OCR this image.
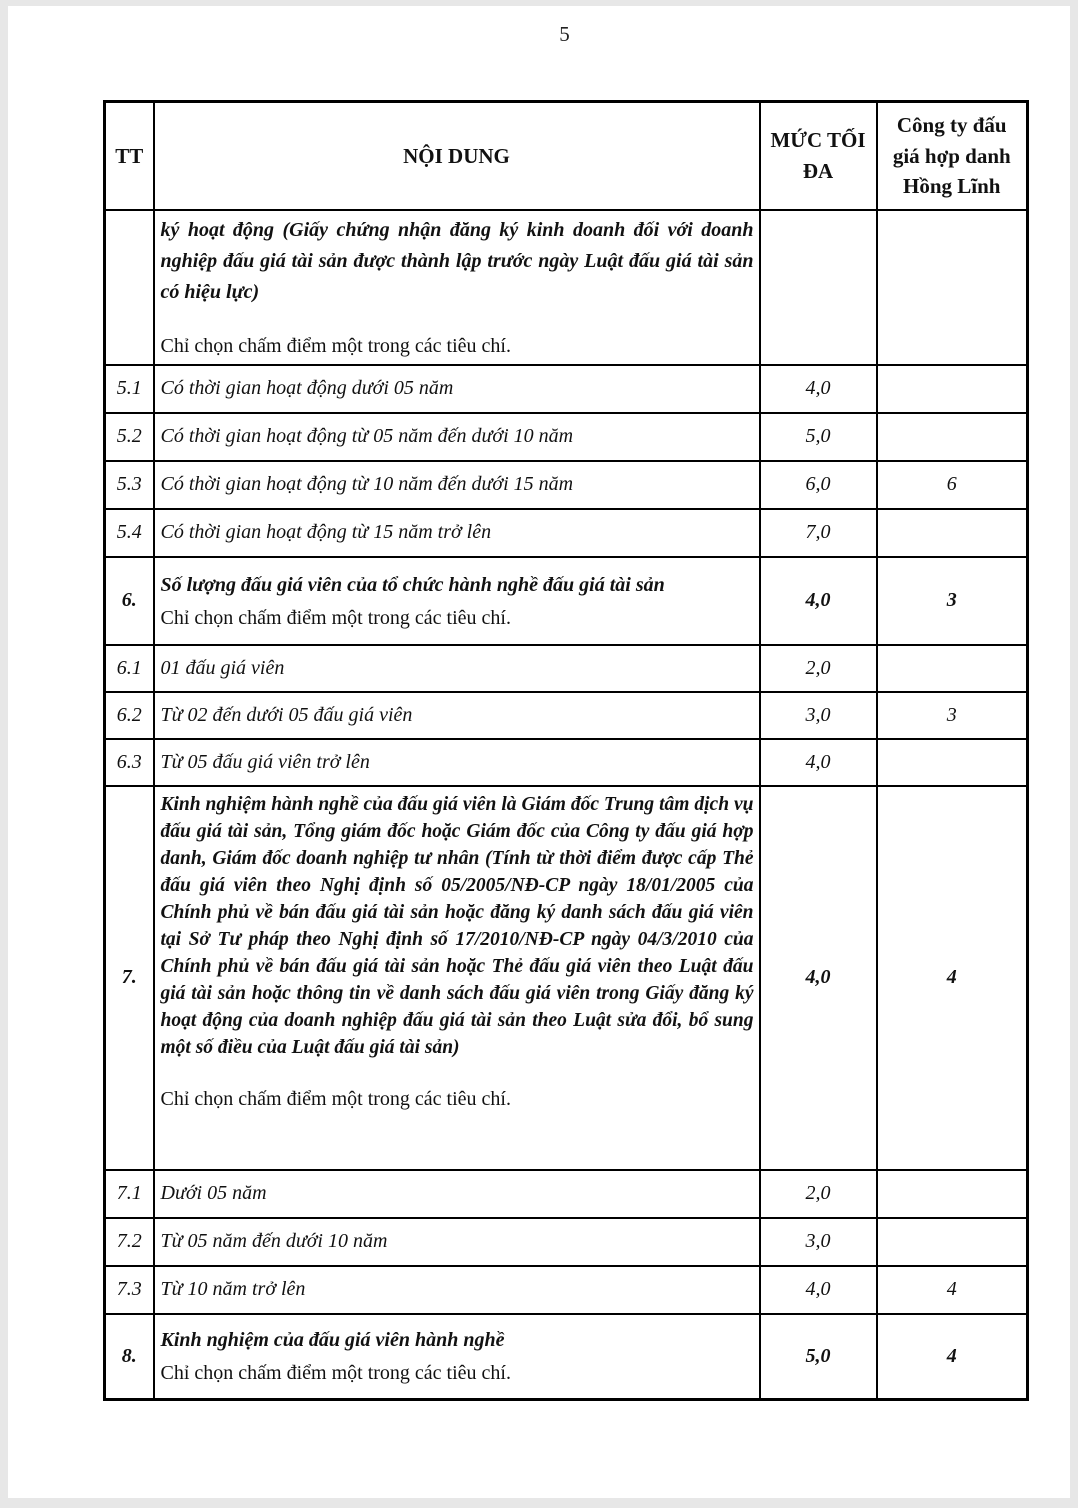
5
TT	NỘI DUNG	MỨC TỐI ĐA	Công ty đấu giá hợp danh Hồng Lĩnh

	ký hoạt động (Giấy chứng nhận đăng ký kinh doanh đối với doanh nghiệp đấu giá tài sản được thành lập trước ngày Luật đấu giá tài sản có hiệu lực)
Chỉ chọn chấm điểm một trong các tiêu chí.		

5.1	Có thời gian hoạt động dưới 05 năm	4,0	
5.2	Có thời gian hoạt động từ 05 năm đến dưới 10 năm	5,0	
5.3	Có thời gian hoạt động từ 10 năm đến dưới 15 năm	6,0	6
5.4	Có thời gian hoạt động từ 15 năm trở lên	7,0	
6.	Số lượng đấu giá viên của tổ chức hành nghề đấu giá tài sản
Chỉ chọn chấm điểm một trong các tiêu chí.	4,0	3
6.1	01 đấu giá viên	2,0	
6.2	Từ 02 đến dưới 05 đấu giá viên	3,0	3
6.3	Từ 05 đấu giá viên trở lên	4,0	
7.	Kinh nghiệm hành nghề của đấu giá viên là Giám đốc Trung tâm dịch vụ đấu giá tài sản, Tổng giám đốc hoặc Giám đốc của Công ty đấu giá hợp danh, Giám đốc doanh nghiệp tư nhân (Tính từ thời điểm được cấp Thẻ đấu giá viên theo Nghị định số 05/2005/NĐ-CP ngày 18/01/2005 của Chính phủ về bán đấu giá tài sản hoặc đăng ký danh sách đấu giá viên tại Sở Tư pháp theo Nghị định số 17/2010/NĐ-CP ngày 04/3/2010 của Chính phủ về bán đấu giá tài sản hoặc Thẻ đấu giá viên theo Luật đấu giá tài sản hoặc thông tin về danh sách đấu giá viên trong Giấy đăng ký hoạt động của doanh nghiệp đấu giá tài sản theo Luật sửa đổi, bổ sung một số điều của Luật đấu giá tài sản)
Chỉ chọn chấm điểm một trong các tiêu chí.	4,0	4
7.1	Dưới 05 năm	2,0	
7.2	Từ 05 năm đến dưới 10 năm	3,0	
7.3	Từ 10 năm trở lên	4,0	4
8.	Kinh nghiệm của đấu giá viên hành nghề
Chỉ chọn chấm điểm một trong các tiêu chí.	5,0	4
